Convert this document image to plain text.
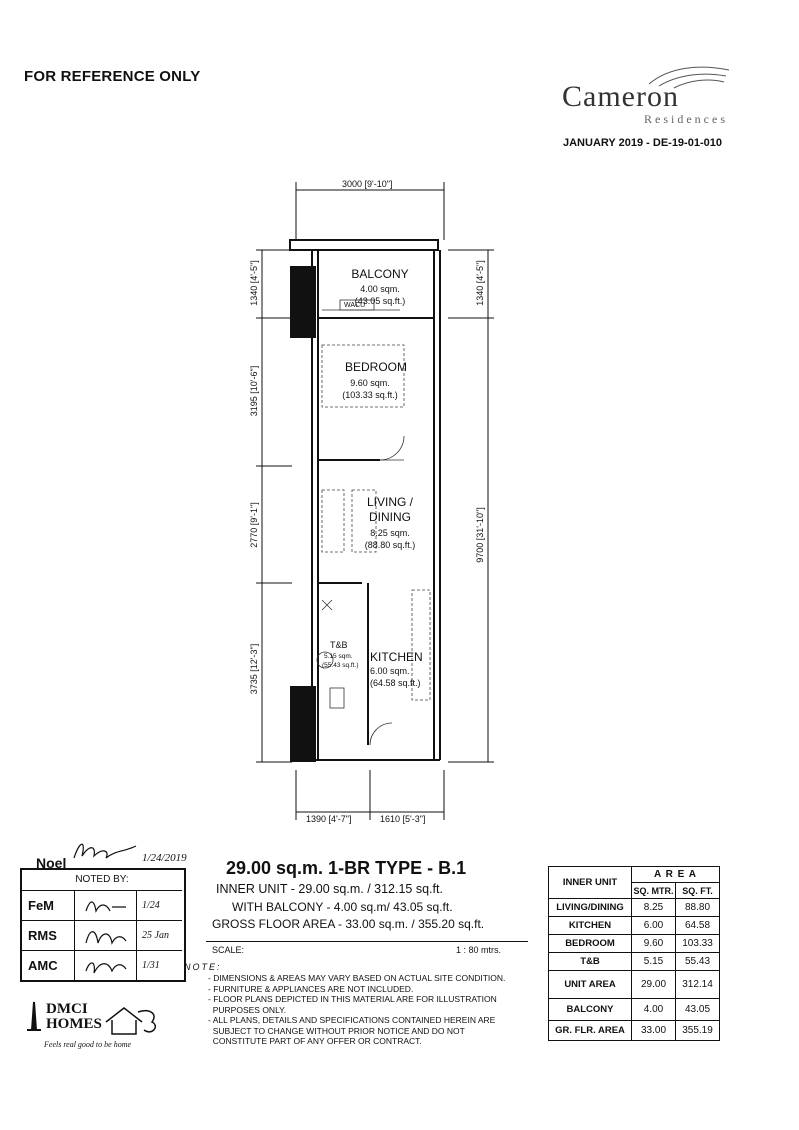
FOR REFERENCE ONLY
Cameron
Residences
JANUARY 2019 - DE-19-01-010
3000 [9'-10"]
1340 [4'-5"]
3195 [10'-6"]
2770 [9'-1"]
3735 [12'-3"]
1340 [4'-5"]
9700 [31'-10"]
1390 [4'-7"]	1610 [5'-3"]
BALCONY
4.00 sqm.
(43.05 sq.ft.)
WACU
BEDROOM
9.60 sqm.
(103.33 sq.ft.)
LIVING /
DINING
8.25 sqm.
(88.80 sq.ft.)
T&B
5.15 sqm.
(55.43 sq.ft.)
KITCHEN
6.00 sqm.
(64.58 sq.ft.)
Noel	1/24/2019
NOTED BY:
FeM	1/24
RMS	25 Jan
AMC	1/31
29.00 sq.m. 1-BR TYPE - B.1
INNER UNIT - 29.00 sq.m. / 312.15 sq.ft.
WITH BALCONY - 4.00 sq.m/ 43.05 sq.ft.
GROSS FLOOR AREA - 33.00 sq.m. / 355.20 sq.ft.
SCALE:	1 : 80 mtrs.
NOTE:
- DIMENSIONS & AREAS MAY VARY BASED ON ACTUAL SITE CONDITION.
- FURNITURE & APPLIANCES ARE NOT INCLUDED.
- FLOOR PLANS DEPICTED IN THIS MATERIAL ARE FOR ILLUSTRATION
PURPOSES ONLY.
- ALL PLANS, DETAILS AND SPECIFICATIONS CONTAINED HEREIN ARE
SUBJECT TO CHANGE WITHOUT PRIOR NOTICE AND DO NOT
CONSTITUTE PART OF ANY OFFER OR CONTRACT.
INNER UNIT	A R E A	
	SQ. MTR.	SQ. FT.
LIVING/DINING	8.25	88.80
KITCHEN	6.00	64.58
BEDROOM	9.60	103.33
T&B	5.15	55.43
UNIT AREA	29.00	312.14
BALCONY	4.00	43.05
GR. FLR. AREA	33.00	355.19
DMCI
HOMES
Feels real good to be home
